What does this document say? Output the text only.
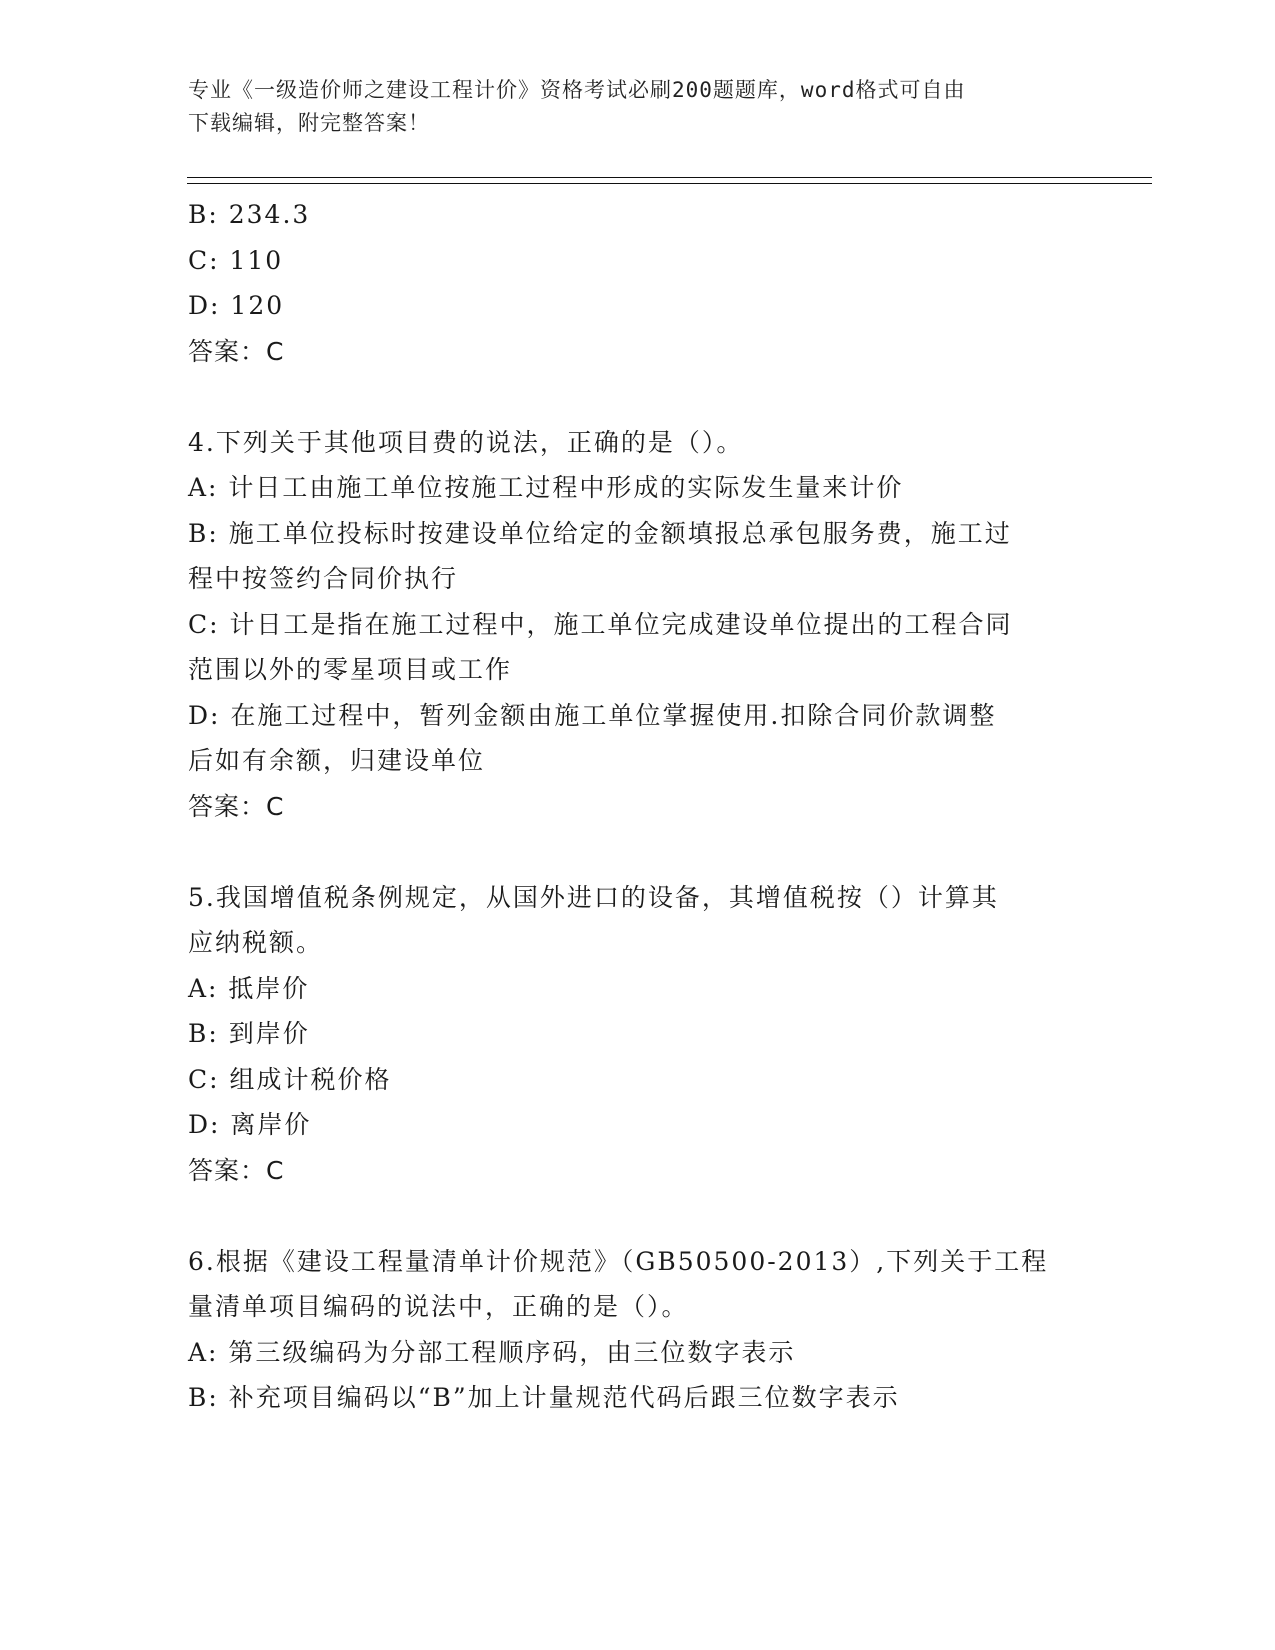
专业《一级造价师之建设工程计价》资格考试必刷200题题库，word格式可自由
下载编辑，附完整答案！
B: 234.3
C: 110
D: 120
答案：C
4.下列关于其他项目费的说法，正确的是（）。
A: 计日工由施工单位按施工过程中形成的实际发生量来计价
B: 施工单位投标时按建设单位给定的金额填报总承包服务费，施工过
程中按签约合同价执行
C: 计日工是指在施工过程中，施工单位完成建设单位提出的工程合同
范围以外的零星项目或工作
D: 在施工过程中，暂列金额由施工单位掌握使用.扣除合同价款调整
后如有余额，归建设单位
答案：C
5.我国增值税条例规定，从国外进口的设备，其增值税按（）计算其
应纳税额。
A: 抵岸价
B: 到岸价
C: 组成计税价格
D: 离岸价
答案：C
6.根据《建设工程量清单计价规范》（GB50500-2013）,下列关于工程
量清单项目编码的说法中，正确的是（）。
A: 第三级编码为分部工程顺序码，由三位数字表示
B: 补充项目编码以“B”加上计量规范代码后跟三位数字表示
